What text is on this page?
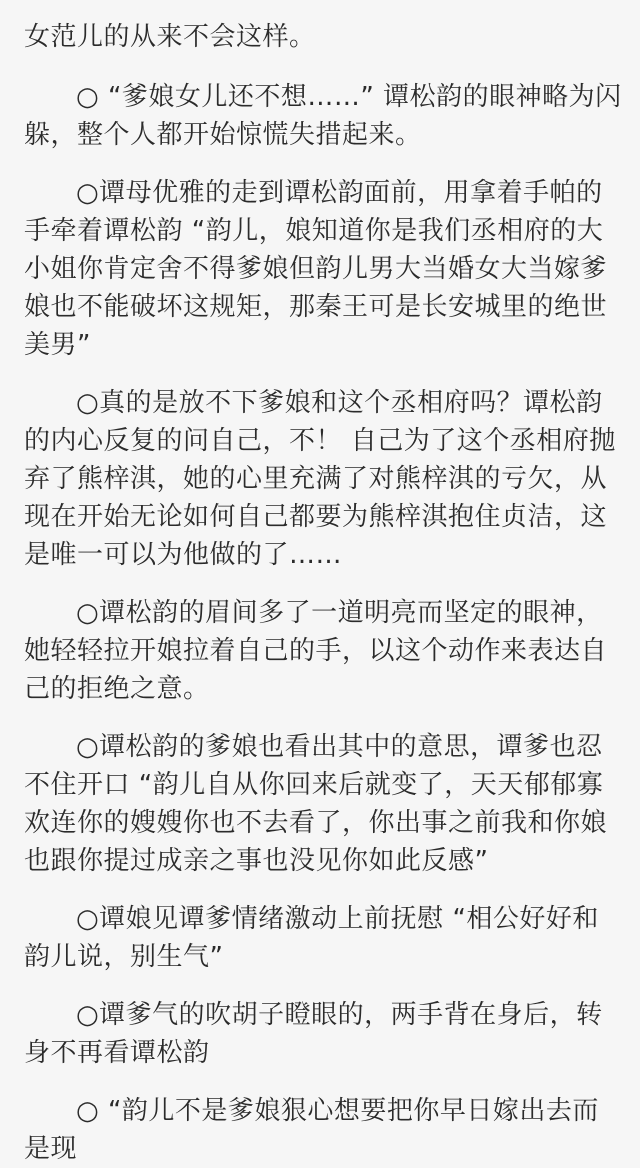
女范儿的从来不会这样。

○ “爹娘女儿还不想……” 谭松韵的眼神略为闪躲，整个人都开始惊慌失措起来。

○谭母优雅的走到谭松韵面前，用拿着手帕的手牵着谭松韵 “韵儿，娘知道你是我们丞相府的大小姐你肯定舍不得爹娘但韵儿男大当婚女大当嫁爹娘也不能破坏这规矩，那秦王可是长安城里的绝世美男”

○真的是放不下爹娘和这个丞相府吗？谭松韵的内心反复的问自己，不！ 自己为了这个丞相府抛弃了熊梓淇，她的心里充满了对熊梓淇的亏欠，从现在开始无论如何自己都要为熊梓淇抱住贞洁，这是唯一可以为他做的了……

○谭松韵的眉间多了一道明亮而坚定的眼神，她轻轻拉开娘拉着自己的手，以这个动作来表达自己的拒绝之意。

○谭松韵的爹娘也看出其中的意思，谭爹也忍不住开口 “韵儿自从你回来后就变了，天天郁郁寡欢连你的嫂嫂你也不去看了，你出事之前我和你娘也跟你提过成亲之事也没见你如此反感”

○谭娘见谭爹情绪激动上前抚慰 “相公好好和韵儿说，别生气”

○谭爹气的吹胡子瞪眼的，两手背在身后，转身不再看谭松韵

○ “韵儿不是爹娘狠心想要把你早日嫁出去而是现
